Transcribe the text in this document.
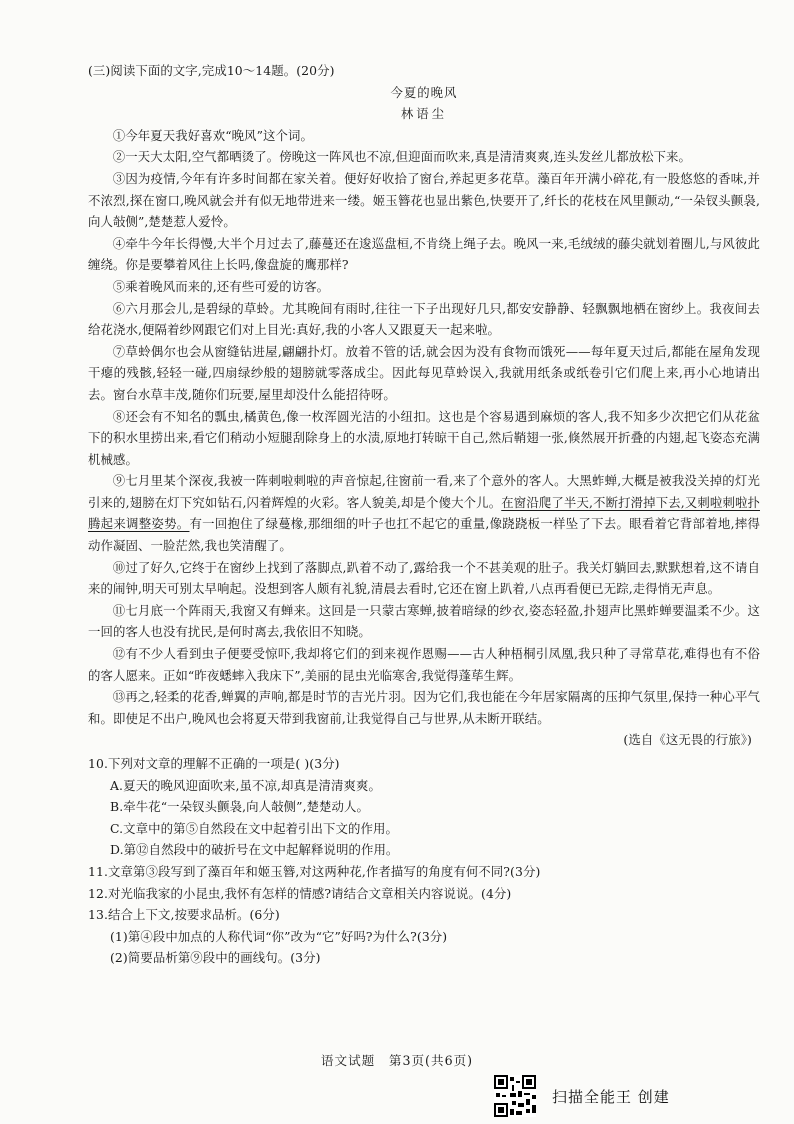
(三)阅读下面的文字,完成10～14题。(20分)

今夏的晚风

林语尘

①今年夏天我好喜欢“晚风”这个词。

②一天大太阳,空气都晒烫了。傍晚这一阵风也不凉,但迎面而吹来,真是清清爽爽,连头发丝儿都放松下来。

③因为疫情,今年有许多时间都在家关着。便好好收拾了窗台,养起更多花草。藻百年开满小碎花,有一股悠悠的香味,并不浓烈,探在窗口,晚风就会并有似无地带进来一缕。姬玉簪花也显出紫色,快要开了,纤长的花枝在风里颤动,“一朵钗头颤袅,向人敧侧”,楚楚惹人爱怜。

④牵牛今年长得慢,大半个月过去了,藤蔓还在逡巡盘桓,不肯绕上绳子去。晚风一来,毛绒绒的藤尖就划着圈儿,与风彼此缠绕。你是要攀着风往上长吗,像盘旋的鹰那样?

⑤乘着晚风而来的,还有些可爱的访客。

⑥六月那会儿,是碧绿的草蛉。尤其晚间有雨时,往往一下子出现好几只,都安安静静、轻飘飘地栖在窗纱上。我夜间去给花浇水,便隔着纱网跟它们对上目光:真好,我的小客人又跟夏天一起来啦。

⑦草蛉偶尔也会从窗缝钻进屋,翩翩扑灯。放着不管的话,就会因为没有食物而饿死——每年夏天过后,都能在屋角发现干瘪的残骸,轻轻一碰,四扇绿纱般的翅膀就零落成尘。因此每见草蛉误入,我就用纸条或纸卷引它们爬上来,再小心地请出去。窗台水草丰茂,随你们玩要,屋里却没什么能招待呀。

⑧还会有不知名的瓢虫,橘黄色,像一枚浑圆光洁的小纽扣。这也是个容易遇到麻烦的客人,我不知多少次把它们从花盆下的积水里捞出来,看它们稍动小短腿刮除身上的水渍,原地打转晾干自己,然后鞘翅一张,倏然展开折叠的内翅,起飞姿态充满机械感。

⑨七月里某个深夜,我被一阵刺啦刺啦的声音惊起,往窗前一看,来了个意外的客人。大黑蚱蝉,大概是被我没关掉的灯光引来的,翅膀在灯下究如钻石,闪着辉煌的火彩。客人貌美,却是个傻大个儿。在窗沿爬了半天,不断打滑掉下去,又刺啦刺啦扑腾起来调整姿势。有一回抱住了绿蔓椽,那细细的叶子也扛不起它的重量,像跷跷板一样坠了下去。眼看着它背部着地,摔得动作凝固、一脸茫然,我也笑清醒了。

⑩过了好久,它终于在窗纱上找到了落脚点,趴着不动了,露给我一个不甚美观的肚子。我关灯躺回去,默默想着,这不请自来的闹钟,明天可别太早响起。没想到客人颇有礼貌,清晨去看时,它还在窗上趴着,八点再看便已无踪,走得悄无声息。

⑪七月底一个阵雨天,我窗又有蝉来。这回是一只蒙古寒蝉,披着暗绿的纱衣,姿态轻盈,扑翅声比黑蚱蝉要温柔不少。这一回的客人也没有扰民,是何时离去,我依旧不知晓。

⑫有不少人看到虫子便要受惊吓,我却将它们的到来视作恩赐——古人种梧桐引凤凰,我只种了寻常草花,难得也有不俗的客人愿来。正如“昨夜蟋蟀入我床下”,美丽的昆虫光临寒舍,我觉得蓬荜生辉。

⑬再之,轻柔的花香,蝉翼的声响,都是时节的吉光片羽。因为它们,我也能在今年居家隔离的压抑气氛里,保持一种心平气和。即使足不出户,晚风也会将夏天带到我窗前,让我觉得自己与世界,从未断开联结。

(选自《这无畏的行旅》)

10.下列对文章的理解不正确的一项是( )(3分)

A.夏天的晚风迎面吹来,虽不凉,却真是清清爽爽。

B.牵牛花“一朵钗头颤袅,向人敧侧”,楚楚动人。

C.文章中的第⑤自然段在文中起着引出下文的作用。

D.第⑫自然段中的破折号在文中起解释说明的作用。

11.文章第③段写到了藻百年和姬玉簪,对这两种花,作者描写的角度有何不同?(3分)

12.对光临我家的小昆虫,我怀有怎样的情感?请结合文章相关内容说说。(4分)

13.结合上下文,按要求品析。(6分)

(1)第④段中加点的人称代词“你”改为“它”好吗?为什么?(3分)

(2)简要品析第⑨段中的画线句。(3分)

语文试题　第3页(共6页)
扫描全能王 创建
